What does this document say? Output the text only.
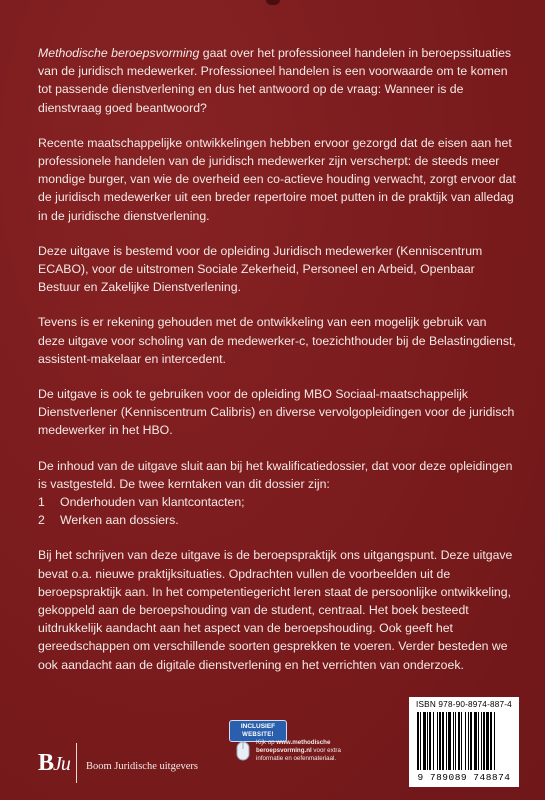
Methodische beroepsvorming gaat over het professioneel handelen in beroepssituaties van de juridisch medewerker. Professioneel handelen is een voorwaarde om te komen tot passende dienstverlening en dus het antwoord op de vraag: Wanneer is de dienstvraag goed beantwoord?

Recente maatschappelijke ontwikkelingen hebben ervoor gezorgd dat de eisen aan het professionele handelen van de juridisch medewerker zijn verscherpt: de steeds meer mondige burger, van wie de overheid een co-actieve houding verwacht, zorgt ervoor dat de juridisch medewerker uit een breder repertoire moet putten in de praktijk van alledag in de juridische dienstverlening.

Deze uitgave is bestemd voor de opleiding Juridisch medewerker (Kenniscentrum ECABO), voor de uitstromen Sociale Zekerheid, Personeel en Arbeid, Openbaar Bestuur en Zakelijke Dienstverlening.

Tevens is er rekening gehouden met de ontwikkeling van een mogelijk gebruik van deze uitgave voor scholing van de medewerker-c, toezichthouder bij de Belastingdienst, assistent-makelaar en intercedent.

De uitgave is ook te gebruiken voor de opleiding MBO Sociaal-maatschappelijk Dienstverlener (Kenniscentrum Calibris) en diverse vervolgopleidingen voor de juridisch medewerker in het HBO.

De inhoud van de uitgave sluit aan bij het kwalificatiedossier, dat voor deze opleidingen is vastgesteld. De twee kerntaken van dit dossier zijn:

1	Onderhouden van klantcontacten;
2	Werken aan dossiers.

Bij het schrijven van deze uitgave is de beroepspraktijk ons uitgangspunt. Deze uitgave bevat o.a. nieuwe praktijksituaties. Opdrachten vullen de voorbeelden uit de beroepspraktijk aan. In het competentiegericht leren staat de persoonlijke ontwikkeling, gekoppeld aan de beroepshouding van de student, centraal. Het boek besteedt uitdrukkelijk aandacht aan het aspect van de beroepshouding. Ook geeft het gereedschappen om verschillende soorten gesprekken te voeren. Verder besteden we ook aandacht aan de digitale dienstverlening en het verrichten van onderzoek.

INCLUSIEF
WEBSITE!
Kijk op www.methodische beroepsvorming.nl voor extra informatie en oefenmateriaal.
BJu Boom Juridische uitgevers
ISBN 978-90-8974-887-4
9 789089 748874
